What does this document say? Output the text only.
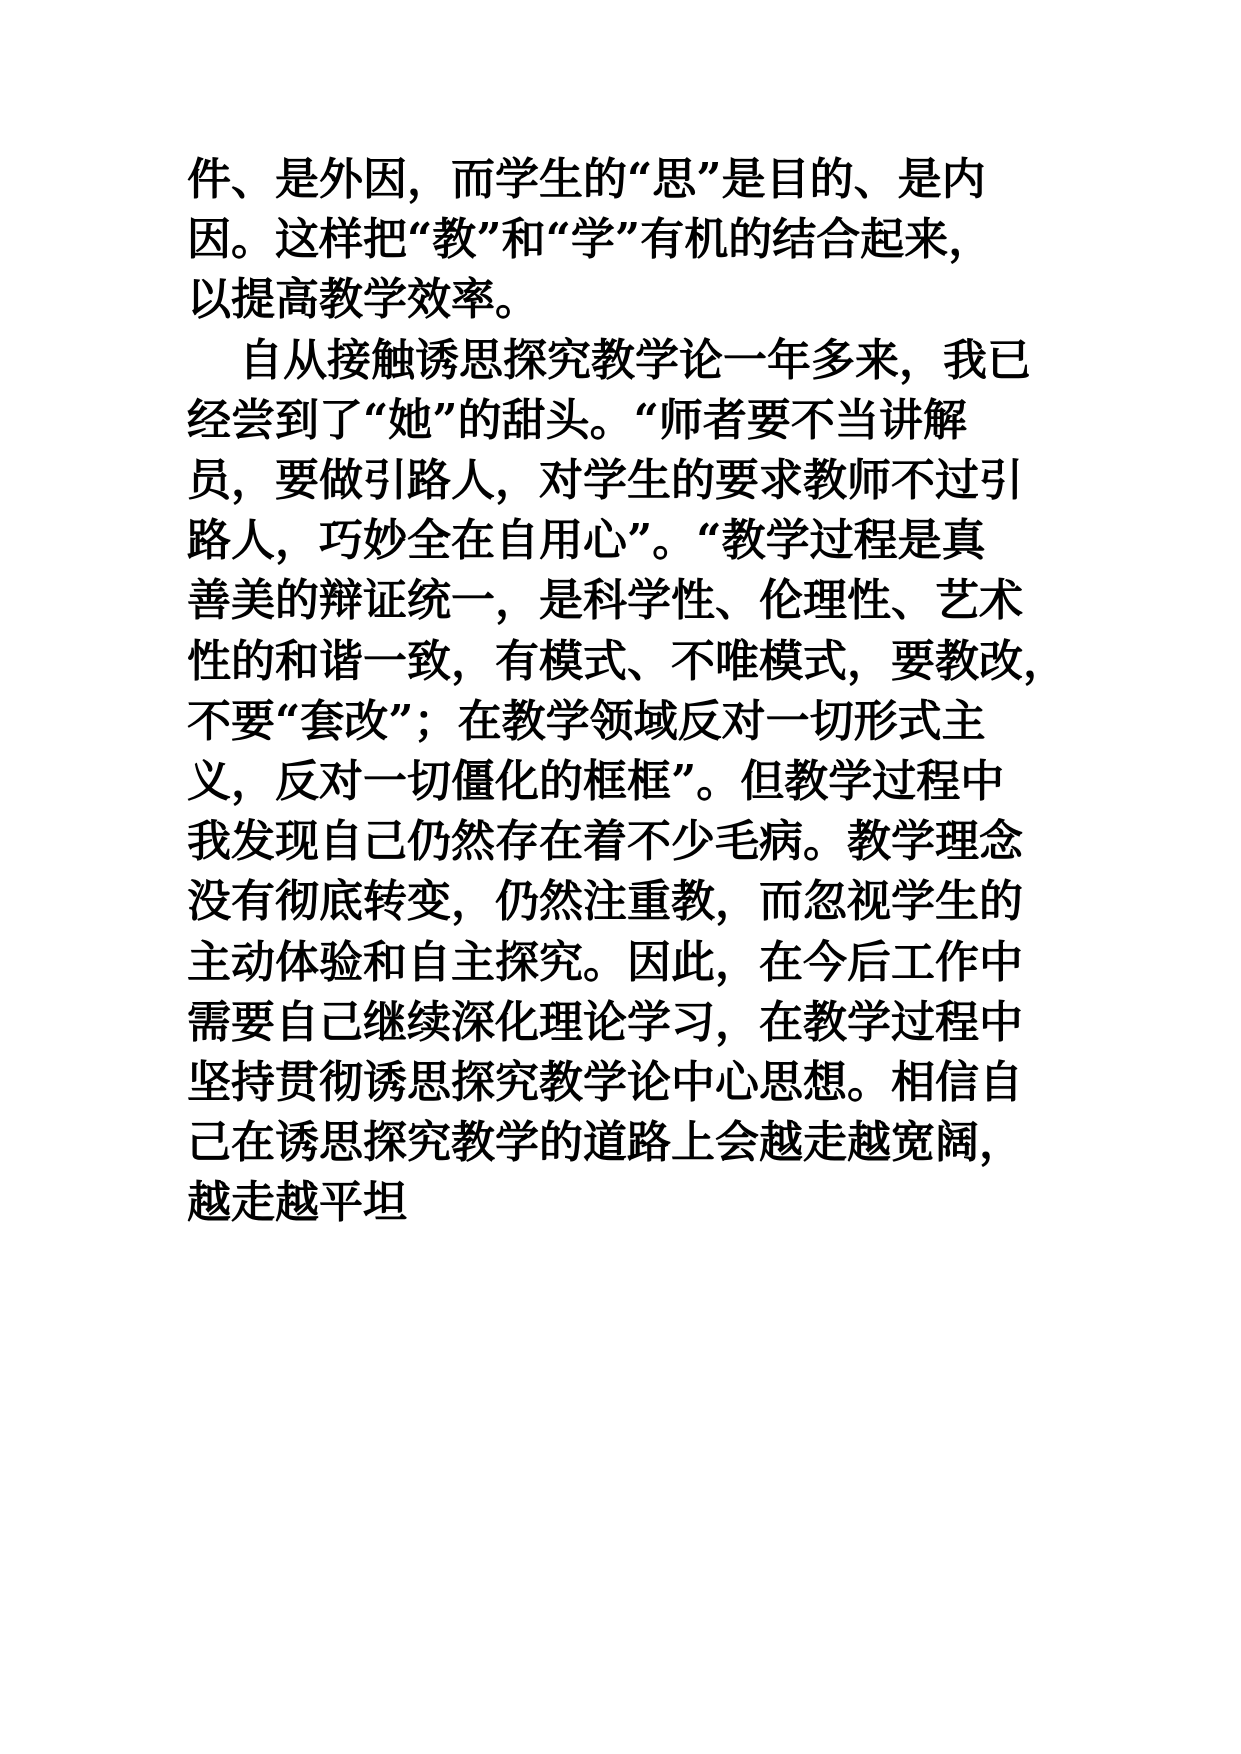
件、是外因，而学生的“思”是目的、是内
因。这样把“教”和“学”有机的结合起来，
以提高教学效率。
自从接触诱思探究教学论一年多来，我已
经尝到了“她”的甜头。“师者要不当讲解
员，要做引路人，对学生的要求教师不过引
路人，巧妙全在自用心”。“教学过程是真
善美的辩证统一，是科学性、伦理性、艺术
性的和谐一致，有模式、不唯模式，要教改，
不要“套改”；在教学领域反对一切形式主
义，反对一切僵化的框框”。但教学过程中
我发现自己仍然存在着不少毛病。教学理念
没有彻底转变，仍然注重教，而忽视学生的
主动体验和自主探究。因此，在今后工作中
需要自己继续深化理论学习，在教学过程中
坚持贯彻诱思探究教学论中心思想。相信自
己在诱思探究教学的道路上会越走越宽阔，
越走越平坦
